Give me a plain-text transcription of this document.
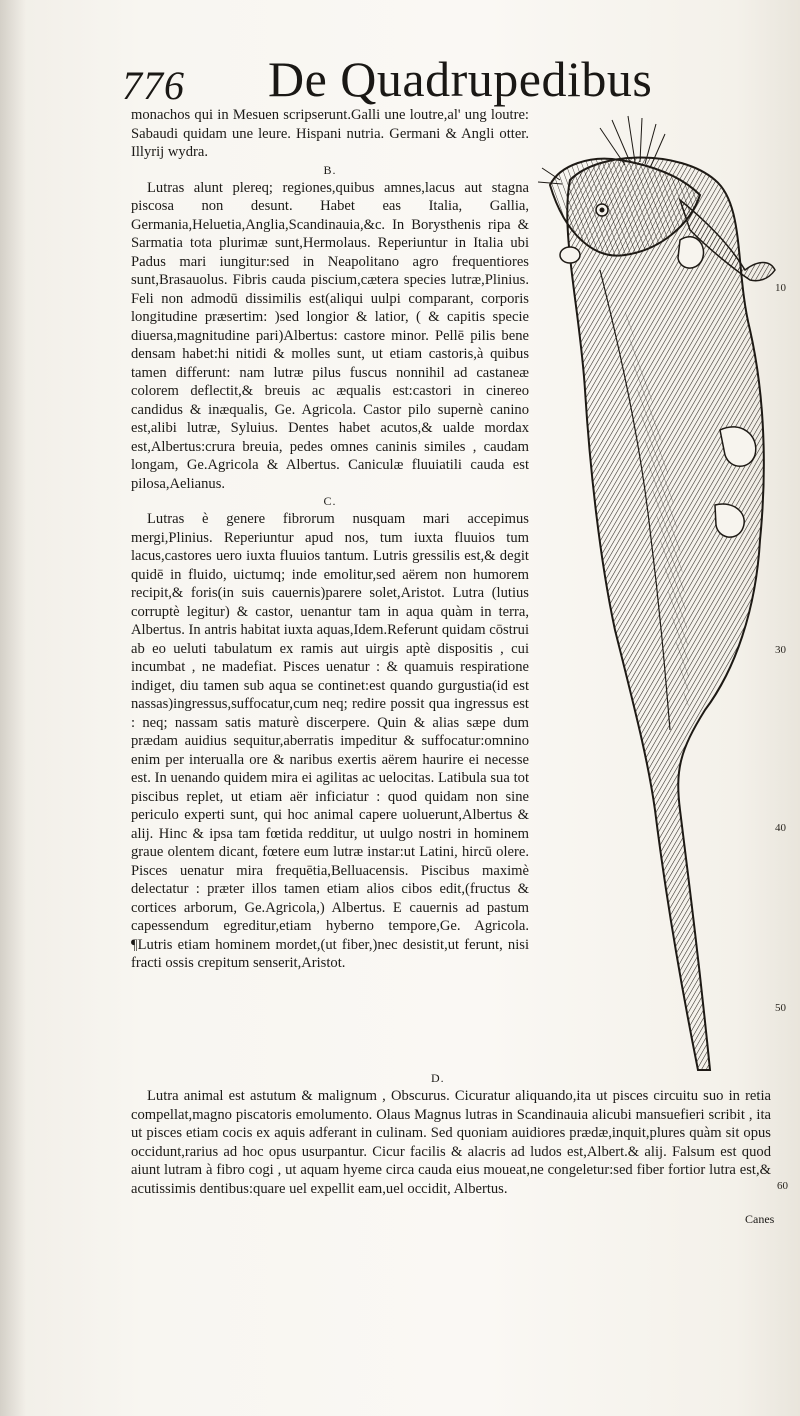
776 De Quadrupedibus

monachos qui in Mesuen scripserunt.Galli une loutre,al' ung loutre: Sabaudi quidam une leure. Hispani nutria. Germani & Angli otter. Illyrij wydra.

B.

Lutras alunt plereq; regiones,quibus amnes,lacus aut stagna piscosa non desunt. Habet eas Italia, Gallia, Germania,Heluetia,Anglia,Scandinauia,&c. In Borysthenis ripa & Sarmatia tota plurimæ sunt,Hermolaus. Reperiuntur in Italia ubi Padus mari iungitur:sed in Neapolitano agro frequentiores sunt,Brasauolus. Fibris cauda piscium,cætera species lutræ,Plinius. Feli non admodū dissimilis est(aliqui uulpi comparant, corporis longitudine præsertim: )sed longior & latior, ( & capitis specie diuersa,magnitudine pari)Albertus: castore minor. Pellē pilis bene densam habet:hi nitidi & molles sunt, ut etiam castoris,à quibus tamen differunt: nam lutræ pilus fuscus nonnihil ad castaneæ colorem deflectit,& breuis ac æqualis est:castori in cinereo candidus & inæqualis, Ge. Agricola. Castor pilo supernè canino est,alibi lutræ, Syluius. Dentes habet acutos,& ualde mordax est,Albertus:crura breuia, pedes omnes caninis similes , caudam longam, Ge.Agricola & Albertus. Caniculæ fluuiatili cauda est pilosa,Aelianus.

C.

Lutras è genere fibrorum nusquam mari accepimus mergi,Plinius. Reperiuntur apud nos, tum iuxta fluuios tum lacus,castores uero iuxta fluuios tantum. Lutris gressilis est,& degit quidē in fluido, uictumq; inde emolitur,sed aërem non humorem recipit,& foris(in suis cauernis)parere solet,Aristot. Lutra (lutius corruptè legitur) & castor, uenantur tam in aqua quàm in terra, Albertus. In antris habitat iuxta aquas,Idem.Referunt quidam cōstrui ab eo ueluti tabulatum ex ramis aut uirgis aptè dispositis , cui incumbat , ne madefiat. Pisces uenatur : & quamuis respiratione indiget, diu tamen sub aqua se continet:est quando gurgustia(id est nassas)ingressus,suffocatur,cum neq; redire possit qua ingressus est : neq; nassam satis maturè discerpere. Quin & alias sæpe dum prædam auidius sequitur,aberratis impeditur & suffocatur:omnino enim per interualla ore & naribus exertis aërem haurire ei necesse est. In uenando quidem mira ei agilitas ac uelocitas. Latibula sua tot piscibus replet, ut etiam aër inficiatur : quod quidam non sine periculo experti sunt, qui hoc animal capere uoluerunt,Albertus & alij. Hinc & ipsa tam fœtida redditur, ut uulgo nostri in hominem graue olentem dicant, fœtere eum lutræ instar:ut Latini, hircū olere. Pisces uenatur mira frequētia,Belluacensis. Piscibus maximè delectatur : præter illos tamen etiam alios cibos edit,(fructus & cortices arborum, Ge.Agricola,) Albertus. E cauernis ad pastum capessendum egreditur,etiam hyberno tempore,Ge. Agricola. ¶Lutris etiam hominem mordet,(ut fiber,)nec desistit,ut ferunt, nisi fracti ossis crepitum senserit,Aristot.

D.

Lutra animal est astutum & malignum , Obscurus. Cicuratur aliquando,ita ut pisces circuitu suo in retia compellat,magno piscatoris emolumento. Olaus Magnus lutras in Scandinauia alicubi mansuefieri scribit , ita ut pisces etiam cocis ex aquis adferant in culinam. Sed quoniam auidiores prædæ,inquit,plures quàm sit opus occidunt,rarius ad hoc opus usurpantur. Cicur facilis & alacris ad ludos est,Albert.& alij. Falsum est quod aiunt lutram à fibro cogi , ut aquam hyeme circa cauda eius moueat,ne congeletur:sed fiber fortior lutra est,& acutissimis dentibus:quare uel expellit eam,uel occidit, Albertus.

Canes
10
30
40
50
60
